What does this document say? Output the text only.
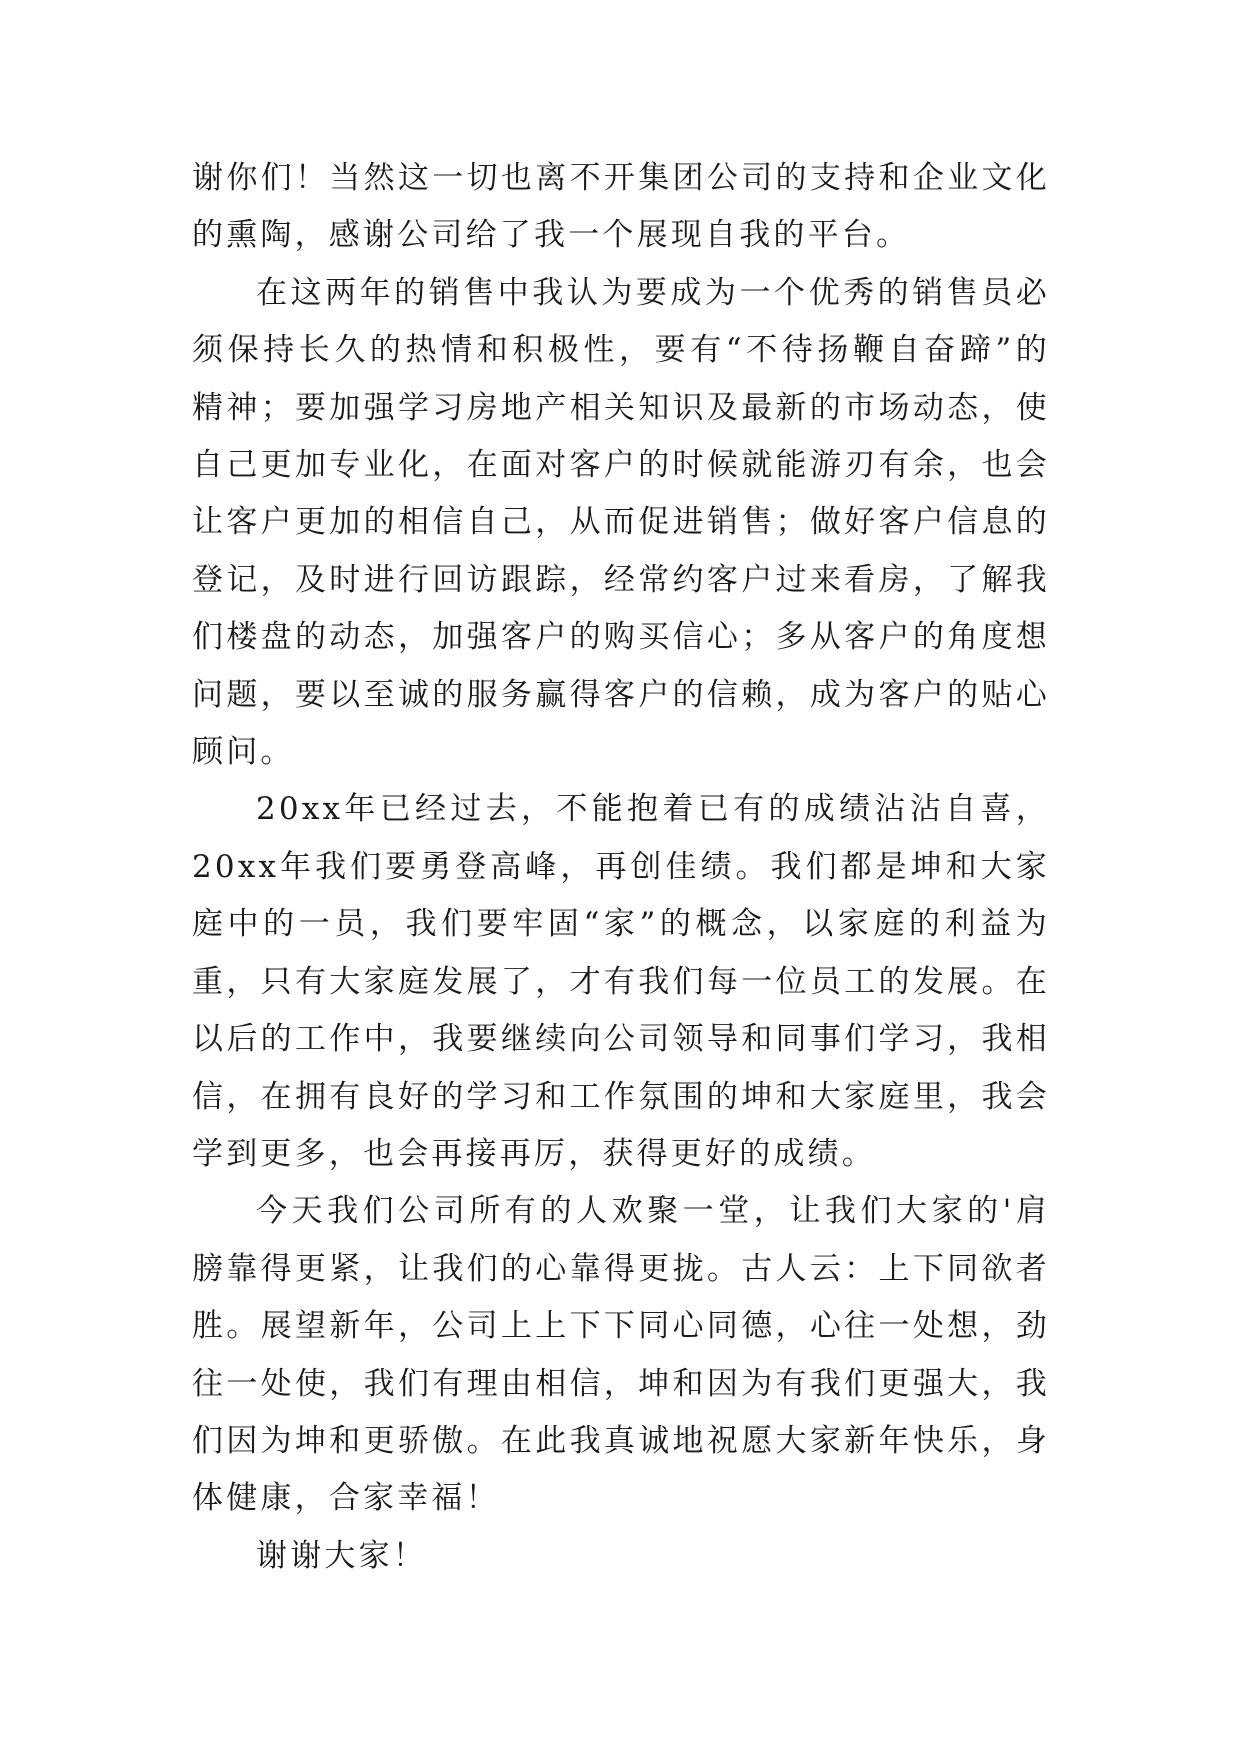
谢你们！当然这一切也离不开集团公司的支持和企业文化的熏陶，感谢公司给了我一个展现自我的平台。

在这两年的销售中我认为要成为一个优秀的销售员必须保持长久的热情和积极性，要有“不待扬鞭自奋蹄”的精神；要加强学习房地产相关知识及最新的市场动态，使自己更加专业化，在面对客户的时候就能游刃有余，也会让客户更加的相信自己，从而促进销售；做好客户信息的登记，及时进行回访跟踪，经常约客户过来看房，了解我们楼盘的动态，加强客户的购买信心；多从客户的角度想问题，要以至诚的服务赢得客户的信赖，成为客户的贴心顾问。

20xx年已经过去，不能抱着已有的成绩沾沾自喜，20xx年我们要勇登高峰，再创佳绩。我们都是坤和大家庭中的一员，我们要牢固“家”的概念，以家庭的利益为重，只有大家庭发展了，才有我们每一位员工的发展。在以后的工作中，我要继续向公司领导和同事们学习，我相信，在拥有良好的学习和工作氛围的坤和大家庭里，我会学到更多，也会再接再厉，获得更好的成绩。

今天我们公司所有的人欢聚一堂，让我们大家的'肩膀靠得更紧，让我们的心靠得更拢。古人云：上下同欲者胜。展望新年，公司上上下下同心同德，心往一处想，劲往一处使，我们有理由相信，坤和因为有我们更强大，我们因为坤和更骄傲。在此我真诚地祝愿大家新年快乐，身体健康，合家幸福！

谢谢大家！
